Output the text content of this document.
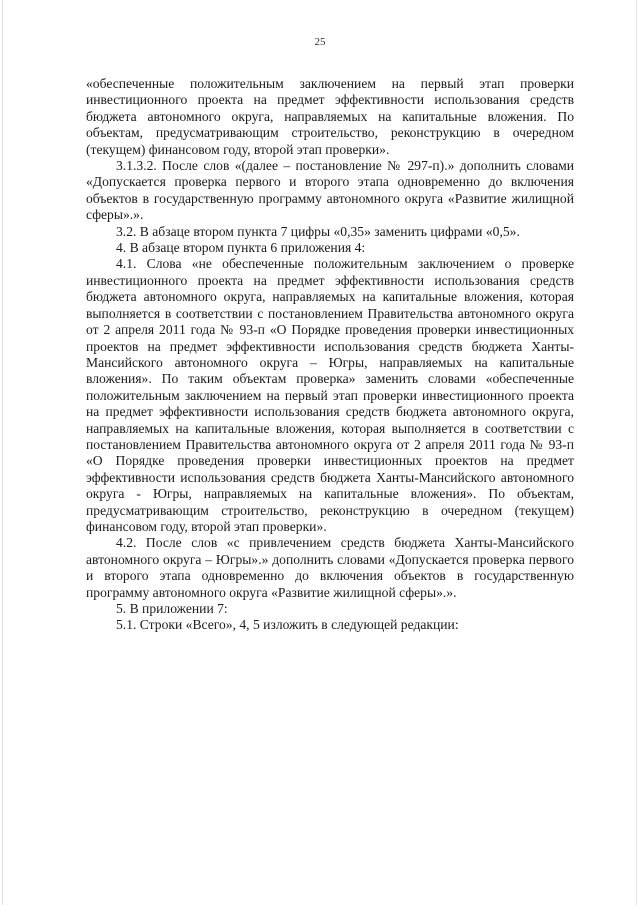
25

«обеспеченные положительным заключением на первый этап проверки инвестиционного проекта на предмет эффективности использования средств бюджета автономного округа, направляемых на капитальные вложения. По объектам, предусматривающим строительство, реконструкцию в очередном (текущем) финансовом году, второй этап проверки».

3.1.3.2. После слов «(далее – постановление № 297-п).» дополнить словами «Допускается проверка первого и второго этапа одновременно до включения объектов в государственную программу автономного округа «Развитие жилищной сферы».».

3.2. В абзаце втором пункта 7 цифры «0,35» заменить цифрами «0,5».

4. В абзаце втором пункта 6 приложения 4:

4.1. Слова «не обеспеченные положительным заключением о проверке инвестиционного проекта на предмет эффективности использования средств бюджета автономного округа, направляемых на капитальные вложения, которая выполняется в соответствии с постановлением Правительства автономного округа от 2 апреля 2011 года № 93-п «О Порядке проведения проверки инвестиционных проектов на предмет эффективности использования средств бюджета Ханты-Мансийского автономного округа – Югры, направляемых на капитальные вложения». По таким объектам проверка» заменить словами «обеспеченные положительным заключением на первый этап проверки инвестиционного проекта на предмет эффективности использования средств бюджета автономного округа, направляемых на капитальные вложения, которая выполняется в соответствии с постановлением Правительства автономного округа от 2 апреля 2011 года № 93-п «О Порядке проведения проверки инвестиционных проектов на предмет эффективности использования средств бюджета Ханты-Мансийского автономного округа - Югры, направляемых на капитальные вложения». По объектам, предусматривающим строительство, реконструкцию в очередном (текущем) финансовом году, второй этап проверки».

4.2. После слов «с привлечением средств бюджета Ханты-Мансийского автономного округа – Югры».» дополнить словами «Допускается проверка первого и второго этапа одновременно до включения объектов в государственную программу автономного округа «Развитие жилищной сферы».».

5. В приложении 7:

5.1. Строки «Всего», 4, 5 изложить в следующей редакции:
